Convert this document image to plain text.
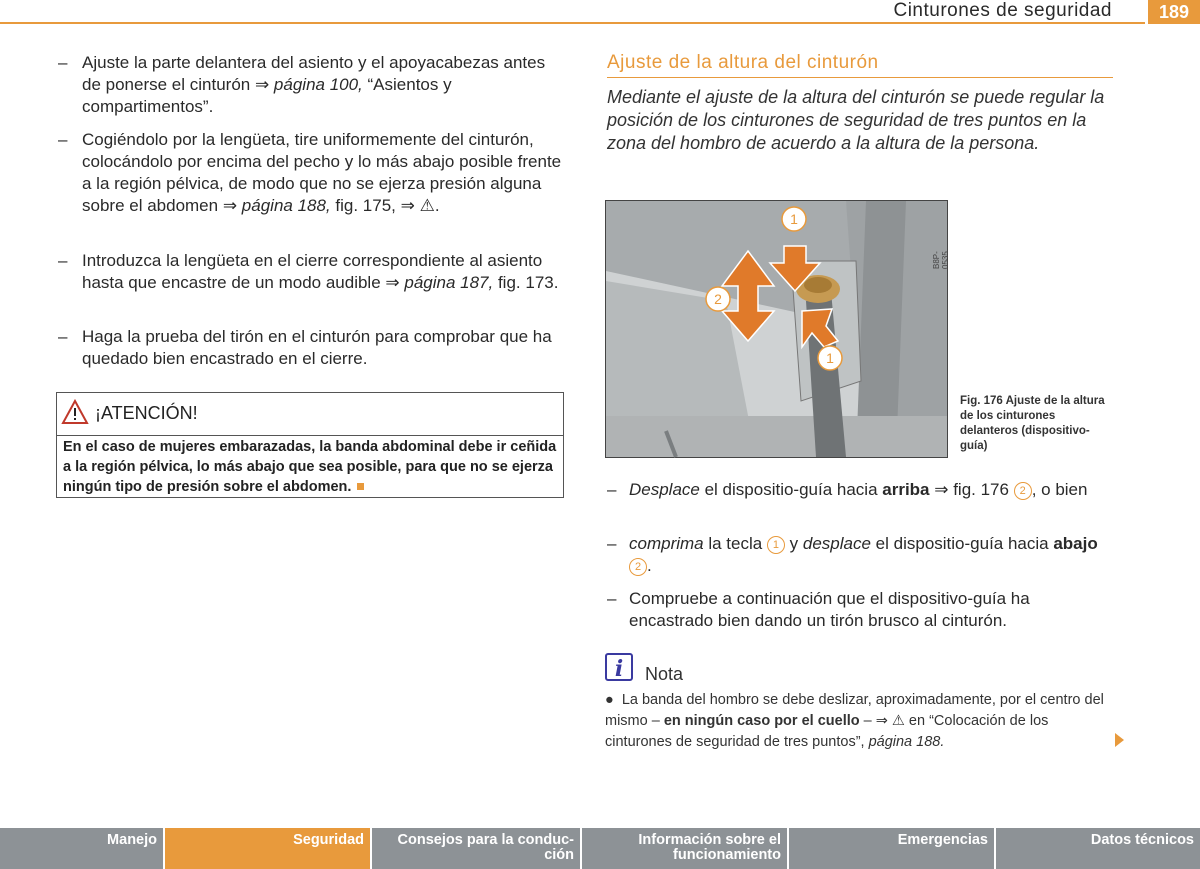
Cinturones de seguridad	189
– Ajuste la parte delantera del asiento y el apoyacabezas antes de ponerse el cinturón ⇒ página 100, “Asientos y compartimentos”.
– Cogiéndolo por la lengüeta, tire uniformemente del cinturón, colocándolo por encima del pecho y lo más abajo posible frente a la región pélvica, de modo que no se ejerza presión alguna sobre el abdomen ⇒ página 188, fig. 175, ⇒ ⚠.
– Introduzca la lengüeta en el cierre correspondiente al asiento hasta que encastre de un modo audible ⇒ página 187, fig. 173.
– Haga la prueba del tirón en el cinturón para comprobar que ha quedado bien encastrado en el cierre.
¡ATENCIÓN!
En el caso de mujeres embarazadas, la banda abdominal debe ir ceñida a la región pélvica, lo más abajo que sea posible, para que no se ejerza ningún tipo de presión sobre el abdomen.
Ajuste de la altura del cinturón
Mediante el ajuste de la altura del cinturón se puede regular la posición de los cinturones de seguridad de tres puntos en la zona del hombro de acuerdo a la altura de la persona.
1
2
1
B8P-0535
Fig. 176 Ajuste de la altura de los cinturones delanteros (dispositivo-guía)
– Desplace el dispositio-guía hacia arriba ⇒ fig. 176 2 , o bien
– comprima la tecla 1 y desplace el dispositio-guía hacia abajo 2 .
– Compruebe a continuación que el dispositivo-guía ha encastrado bien dando un tirón brusco al cinturón.
i	Nota
● La banda del hombro se debe deslizar, aproximadamente, por el centro del mismo – en ningún caso por el cuello – ⇒ ⚠ en “Colocación de los cinturones de seguridad de tres puntos”, página 188.
Manejo	Seguridad	Consejos para la conduc- ción
Información sobre el funcionamiento
Emergencias	Datos técnicos
